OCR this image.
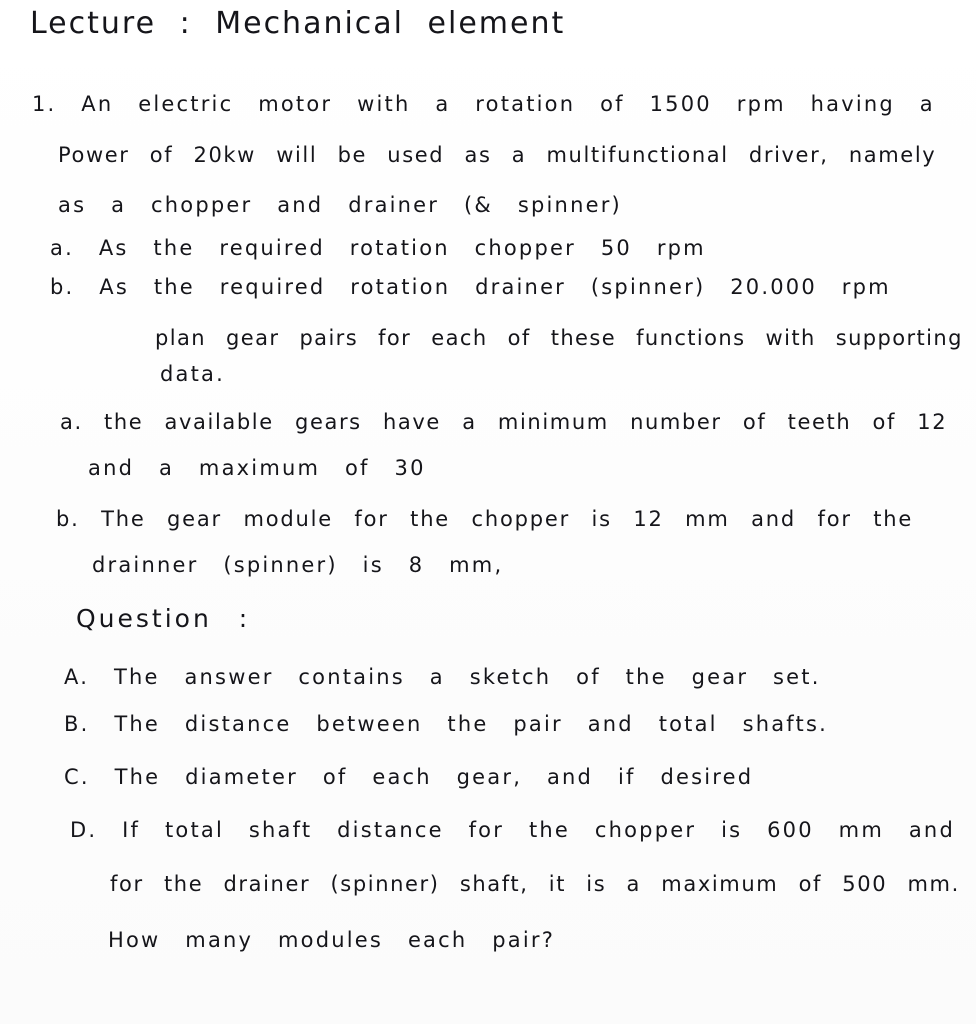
Lecture : Mechanical element
1. An electric motor with a rotation of 1500 rpm having a
Power of 20kw will be used as a multifunctional driver, namely
as a chopper and drainer (& spinner)
a. As the required rotation chopper 50 rpm
b. As the required rotation drainer (spinner) 20.000 rpm
plan gear pairs for each of these functions with supporting
data.
a. the available gears have a minimum number of teeth of 12
and a maximum of 30
b. The gear module for the chopper is 12 mm and for the
drainner (spinner) is 8 mm,
Question :
A. The answer contains a sketch of the gear set.
B. The distance between the pair and total shafts.
C. The diameter of each gear, and if desired
D. If total shaft distance for the chopper is 600 mm and
for the drainer (spinner) shaft, it is a maximum of 500 mm.
How many modules each pair?
